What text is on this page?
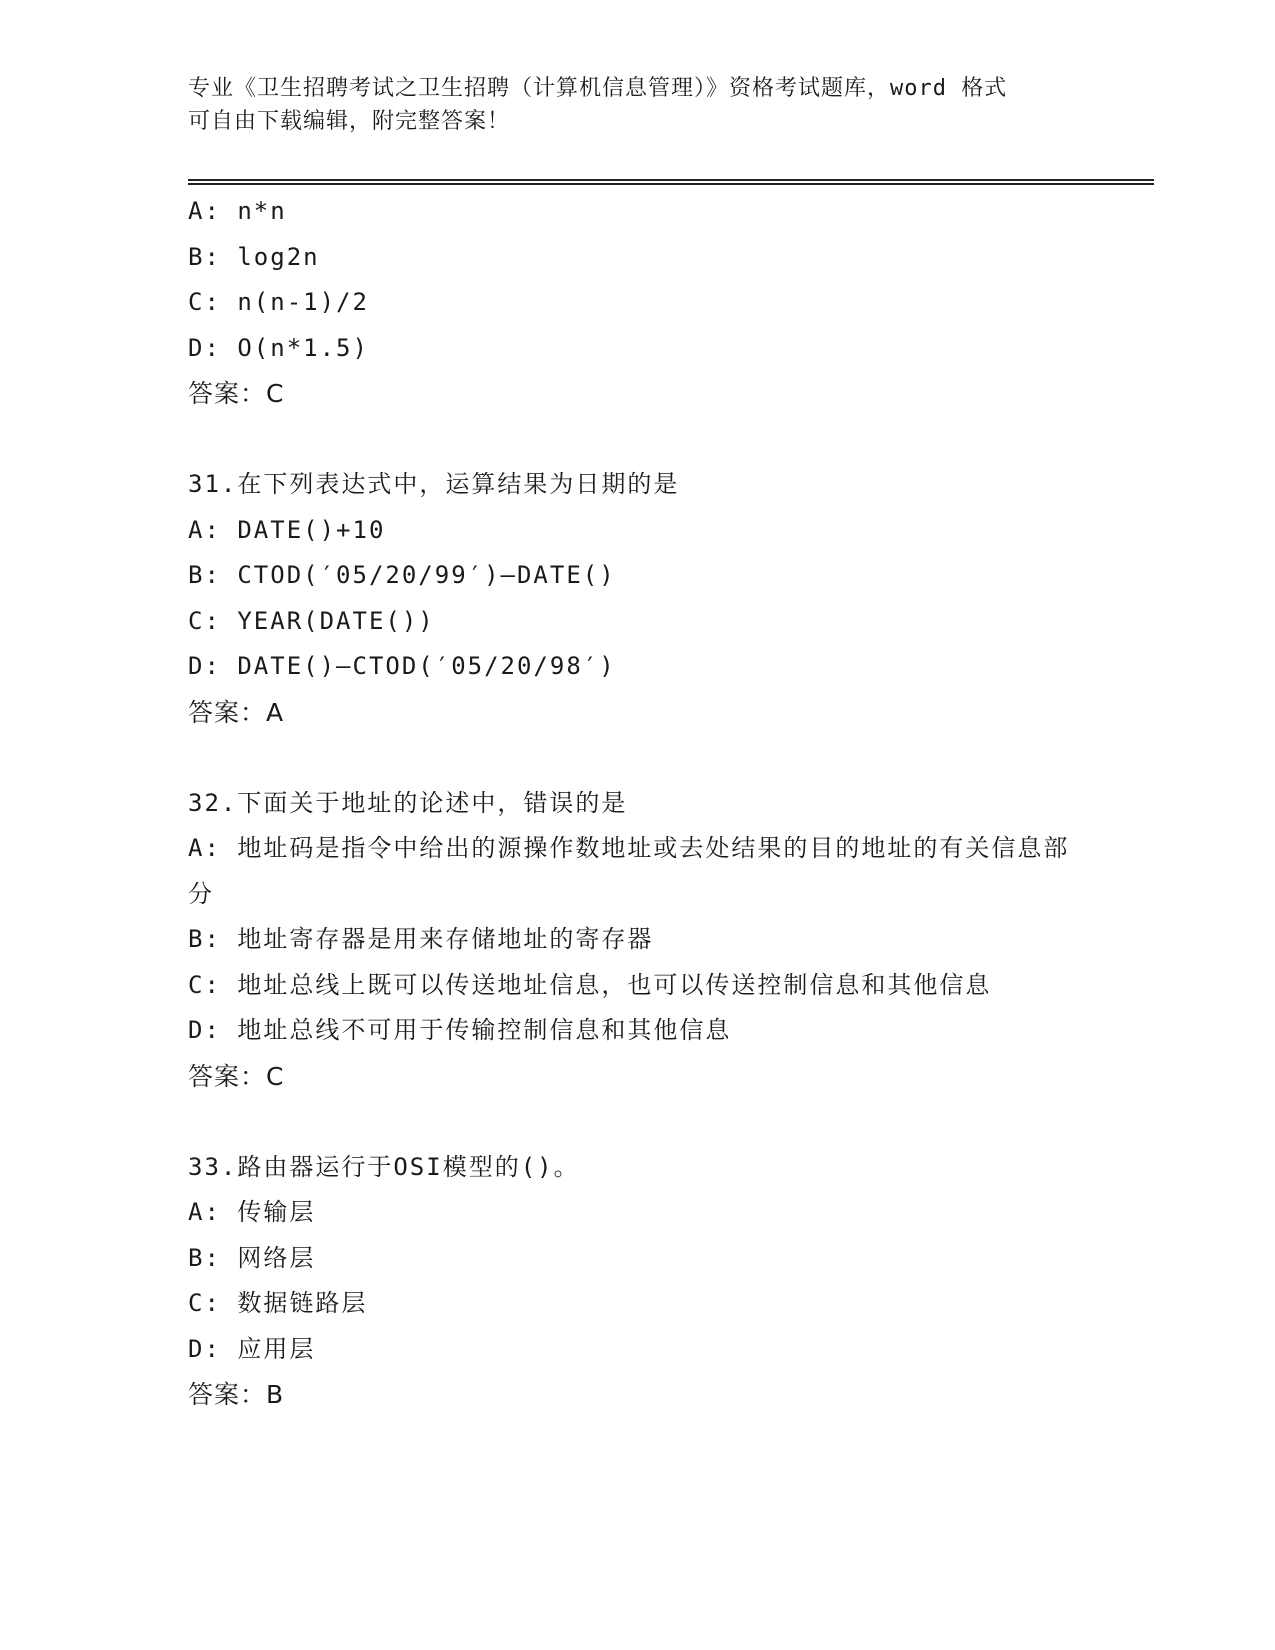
专业《卫生招聘考试之卫生招聘（计算机信息管理）》资格考试题库，word 格式
可自由下载编辑，附完整答案！
A: n*n
B: log2n
C: n(n-1)/2
D: O(n*1.5)
答案：C
31.在下列表达式中，运算结果为日期的是
A: DATE()+10
B: CTOD(′05/20/99′)—DATE()
C: YEAR(DATE())
D: DATE()—CTOD(′05/20/98′)
答案：A
32.下面关于地址的论述中，错误的是
A: 地址码是指令中给出的源操作数地址或去处结果的目的地址的有关信息部分
B: 地址寄存器是用来存储地址的寄存器
C: 地址总线上既可以传送地址信息，也可以传送控制信息和其他信息
D: 地址总线不可用于传输控制信息和其他信息
答案：C
33.路由器运行于OSI模型的()。
A: 传输层
B: 网络层
C: 数据链路层
D: 应用层
答案：B
